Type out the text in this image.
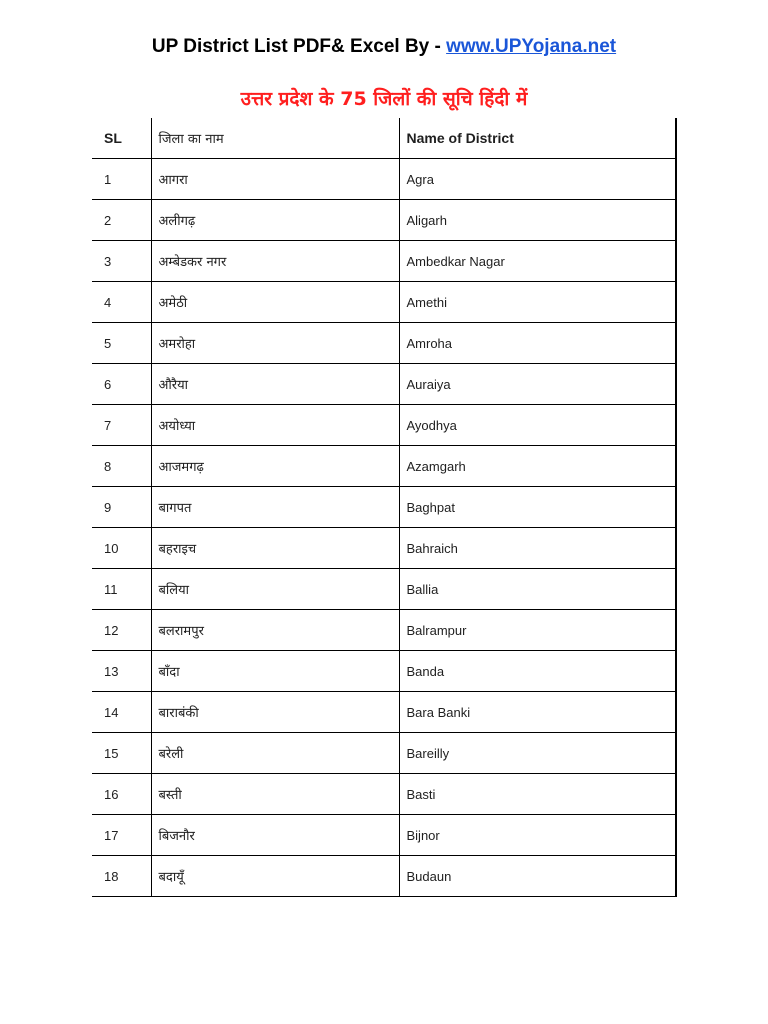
UP District List PDF& Excel By - www.UPYojana.net
उत्तर प्रदेश के 75 जिलों की सूचि हिंदी में
SL	जिला का नाम	Name of District
1	आगरा	Agra
2	अलीगढ़	Aligarh
3	अम्बेडकर नगर	Ambedkar Nagar
4	अमेठी	Amethi
5	अमरोहा	Amroha
6	औरैया	Auraiya
7	अयोध्या	Ayodhya
8	आजमगढ़	Azamgarh
9	बागपत	Baghpat
10	बहराइच	Bahraich
11	बलिया	Ballia
12	बलरामपुर	Balrampur
13	बाँदा	Banda
14	बाराबंकी	Bara Banki
15	बरेली	Bareilly
16	बस्ती	Basti
17	बिजनौर	Bijnor
18	बदायूँ	Budaun
